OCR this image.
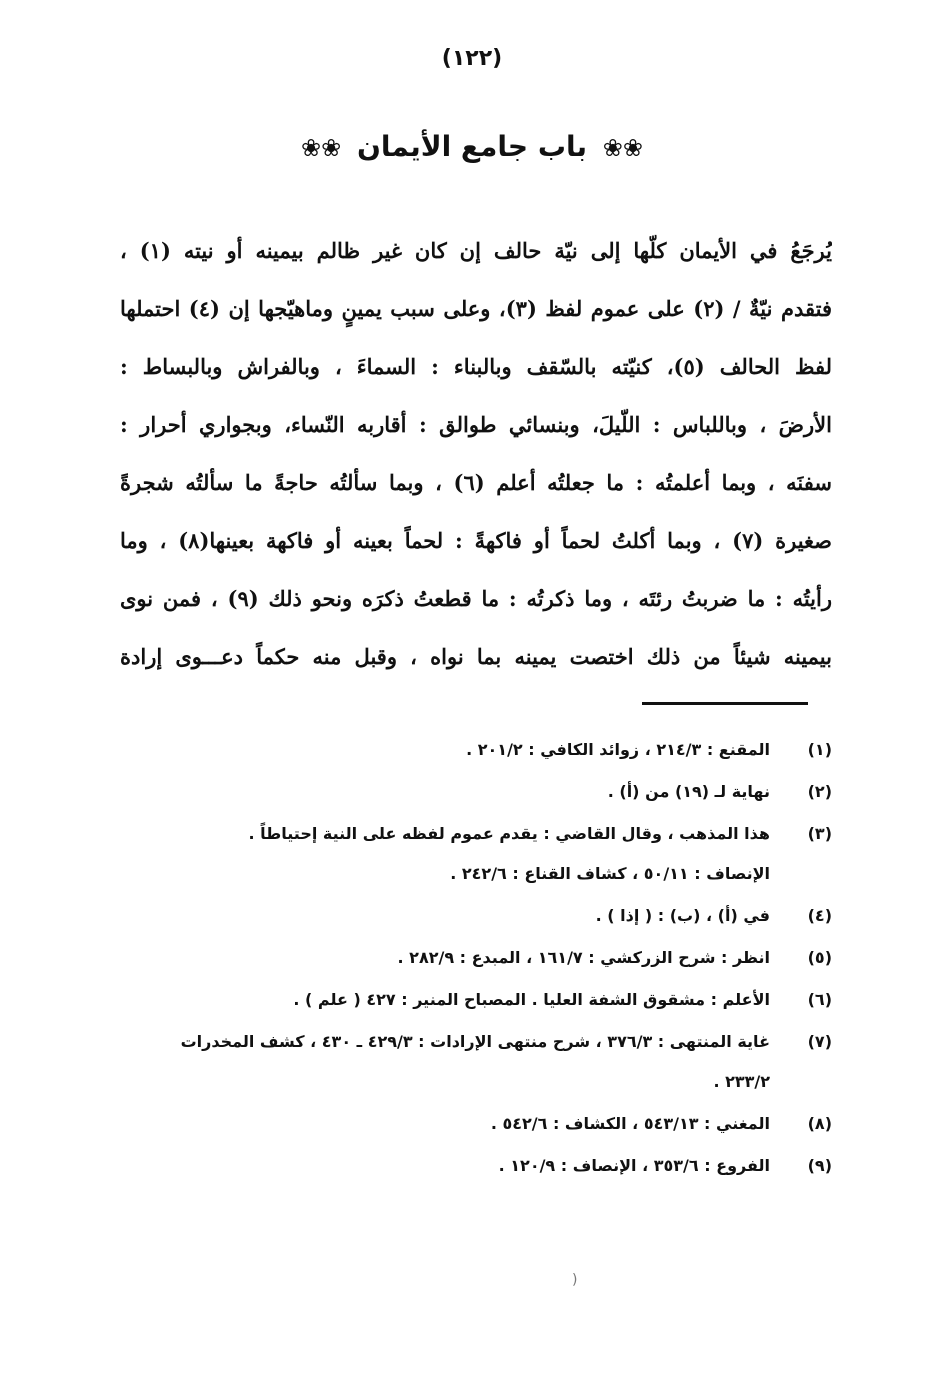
(١٢٢)
❀❀ باب جامع الأيمان ❀❀
يُرجَعُ في الأيمان كلّها إلى نيّة حالف إن كان غير ظالم بيمينه أو نيته (١) ،
فتقدم نيّةٌ / (٢) على عموم لفظ (٣)، وعلى سبب يمينٍ وماهيّجها إن (٤) احتملها
لفظ الحالف (٥)، كنيّته بالسّقف وبالبناء : السماءَ ، وبالفراش وبالبساط :
الأرضَ ، وباللباس : اللّيلَ، وبنسائي طوالق : أقاربه النّساء، وبجواري أحرار :
سفنَه ، وبما أعلمتُه : ما جعلتُه أعلم (٦) ، وبما سألتُه حاجةً ما سألتُه شجرةً
صغيرة (٧) ، وبما أكلتُ لحماً أو فاكهةً : لحماً بعينه أو فاكهة بعينها(٨) ، وما
رأيتُه : ما ضربتُ رئتَه ، وما ذكرتُه : ما قطعتُ ذكرَه ونحو ذلك (٩) ، فمن نوى
بيمينه شيئاً من ذلك اختصت يمينه بما نواه ، وقبل منه حكماً دعـــوى إرادة
(١)
المقنع : ٢١٤/٣ ، زوائد الكافي : ٢٠١/٢ .
(٢)
نهاية لـ (١٩) من (أ) .
(٣)
هذا المذهب ، وقال القاضي : يقدم عموم لفظه على النية إحتياطاً .
الإنصاف : ٥٠/١١ ، كشاف القناع : ٢٤٢/٦ .
(٤)
في (أ) ، (ب) : ( إذا ) .
(٥)
انظر : شرح الزركشي : ١٦١/٧ ، المبدع : ٢٨٢/٩ .
(٦)
الأعلم : مشقوق الشفة العليا . المصباح المنير : ٤٢٧ ( علم ) .
(٧)
غاية المنتهى : ٣٧٦/٣ ، شرح منتهى الإرادات : ٤٢٩/٣ ـ ٤٣٠ ، كشف المخدرات
٢٣٣/٢ .
(٨)
المغني : ٥٤٣/١٣ ، الكشاف : ٥٤٢/٦ .
(٩)
الفروع : ٣٥٣/٦ ، الإنصاف : ١٢٠/٩ .
(
